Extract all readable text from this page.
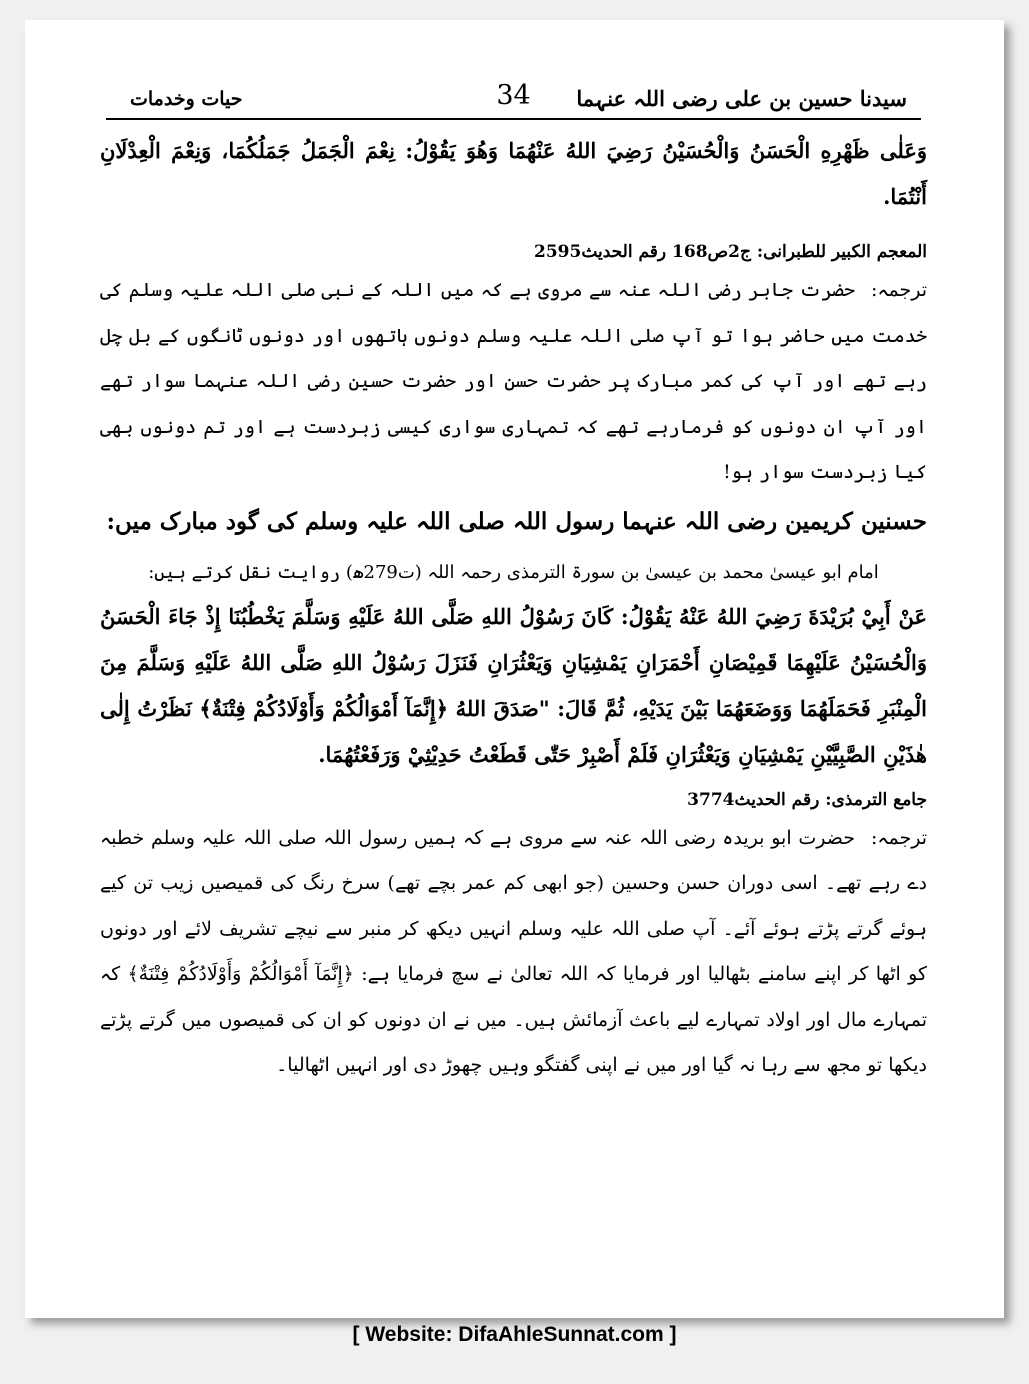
سیدنا حسین بن علی رضی اللہ عنہما
34
حیات وخدمات

وَعَلٰى ظَهْرِهِ الْحَسَنُ وَالْحُسَيْنُ رَضِيَ اللهُ عَنْهُمَا وَهُوَ يَقُوْلُ: نِعْمَ الْجَمَلُ جَمَلُكُمَا، وَنِعْمَ الْعِدْلَانِ أَنْتُمَا.

المعجم الکبیر للطبرانی: ج2ص168 رقم الحدیث2595

ترجمہ:حضرت جابر رضی اللہ عنہ سے مروی ہے کہ میں اللہ کے نبی صلی اللہ علیہ وسلم کی خدمت میں حاضر ہوا تو آپ صلی اللہ علیہ وسلم دونوں ہاتھوں اور دونوں ٹانگوں کے بل چل رہے تھے اور آپ کی کمر مبارک پر حضرت حسن اور حضرت حسین رضی اللہ عنہما سوار تھے اور آپ ان دونوں کو فرمارہے تھے کہ تمہاری سواری کیسی زبردست ہے اور تم دونوں بھی کیا زبردست سوار ہو!

حسنین کریمین رضی اللہ عنہما رسول اللہ صلی اللہ علیہ وسلم کی گود مبارک میں:

امام ابو عیسیٰ محمد بن عیسیٰ بن سورۃ الترمذی رحمہ اللہ (ت279ھ) روایت نقل کرتے ہیں:

عَنْ أَبِيْ بُرَيْدَةَ رَضِيَ اللهُ عَنْهُ يَقُوْلُ: كَانَ رَسُوْلُ اللهِ صَلَّى اللهُ عَلَيْهِ وَسَلَّمَ يَخْطُبُنَا إِذْ جَاءَ الْحَسَنُ وَالْحُسَيْنُ عَلَيْهِمَا قَمِيْصَانِ أَحْمَرَانِ يَمْشِيَانِ وَيَعْثُرَانِ فَنَزَلَ رَسُوْلُ اللهِ صَلَّى اللهُ عَلَيْهِ وَسَلَّمَ مِنَ الْمِنْبَرِ فَحَمَلَهُمَا وَوَضَعَهُمَا بَيْنَ يَدَيْهِ، ثُمَّ قَالَ: "صَدَقَ اللهُ ﴿إِنَّمَآ أَمْوَالُكُمْ وَأَوْلَادُكُمْ فِتْنَةٌ﴾ نَظَرْتُ إِلٰى هٰذَيْنِ الصَّبِيَّيْنِ يَمْشِيَانِ وَيَعْثُرَانِ فَلَمْ أَصْبِرْ حَتّٰى قَطَعْتُ حَدِيْثِيْ وَرَفَعْتُهُمَا.

جامع الترمذی: رقم الحدیث3774

ترجمہ:حضرت ابو بریدہ رضی اللہ عنہ سے مروی ہے کہ ہمیں رسول اللہ صلی اللہ علیہ وسلم خطبہ دے رہے تھے۔ اسی دوران حسن وحسین (جو ابھی کم عمر بچے تھے) سرخ رنگ کی قمیصیں زیب تن کیے ہوئے گرتے پڑتے ہوئے آئے۔ آپ صلی اللہ علیہ وسلم انہیں دیکھ کر منبر سے نیچے تشریف لائے اور دونوں کو اٹھا کر اپنے سامنے بٹھالیا اور فرمایا کہ اللہ تعالیٰ نے سچ فرمایا ہے: ﴿إِنَّمَآ أَمْوَالُكُمْ وَأَوْلَادُكُمْ فِتْنَةٌ﴾ کہ تمہارے مال اور اولاد تمہارے لیے باعث آزمائش ہیں۔ میں نے ان دونوں کو ان کی قمیصوں میں گرتے پڑتے دیکھا تو مجھ سے رہا نہ گیا اور میں نے اپنی گفتگو وہیں چھوڑ دی اور انہیں اٹھالیا۔

[ Website: DifaAhleSunnat.com ]
